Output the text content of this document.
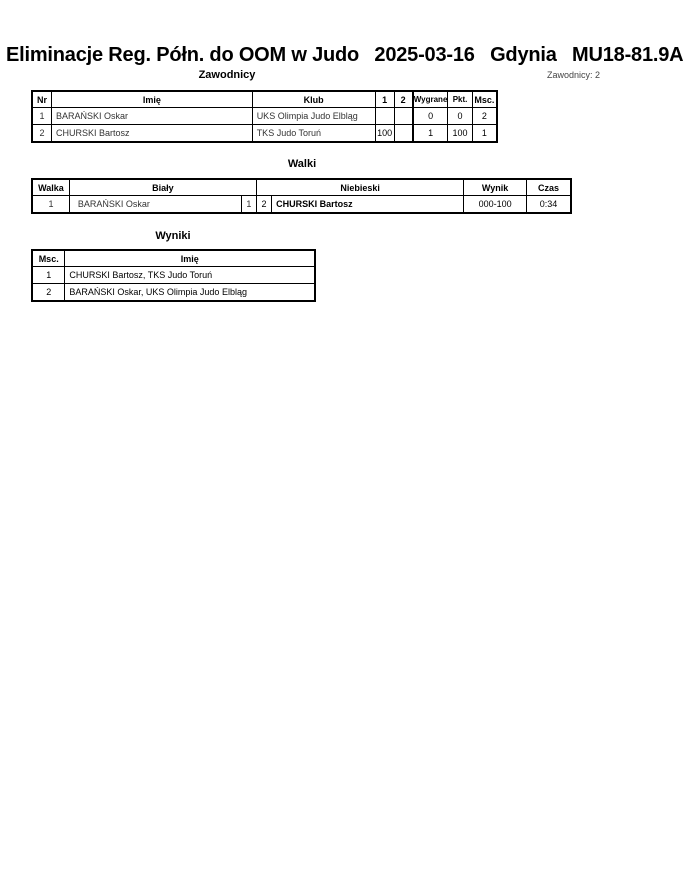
Eliminacje Reg. Półn. do OOM w Judo 2025-03-16 Gdynia MU18-81.9A
Zawodnicy	Zawodnicy: 2
Nr	Imię	Klub	1	2	Wygrane	Pkt.	Msc.
1	BARAŃSKI Oskar	UKS Olimpia Judo Elbląg			0	0	2
2	CHURSKI Bartosz	TKS Judo Toruń	100		1	100	1
Walki
Walka	Biały		Niebieski		Wynik	Czas
1	BARAŃSKI Oskar	1	2	CHURSKI Bartosz	000-100	0:34
Wyniki
Msc.	Imię
1	CHURSKI Bartosz, TKS Judo Toruń
2	BARAŃSKI Oskar, UKS Olimpia Judo Elbląg
